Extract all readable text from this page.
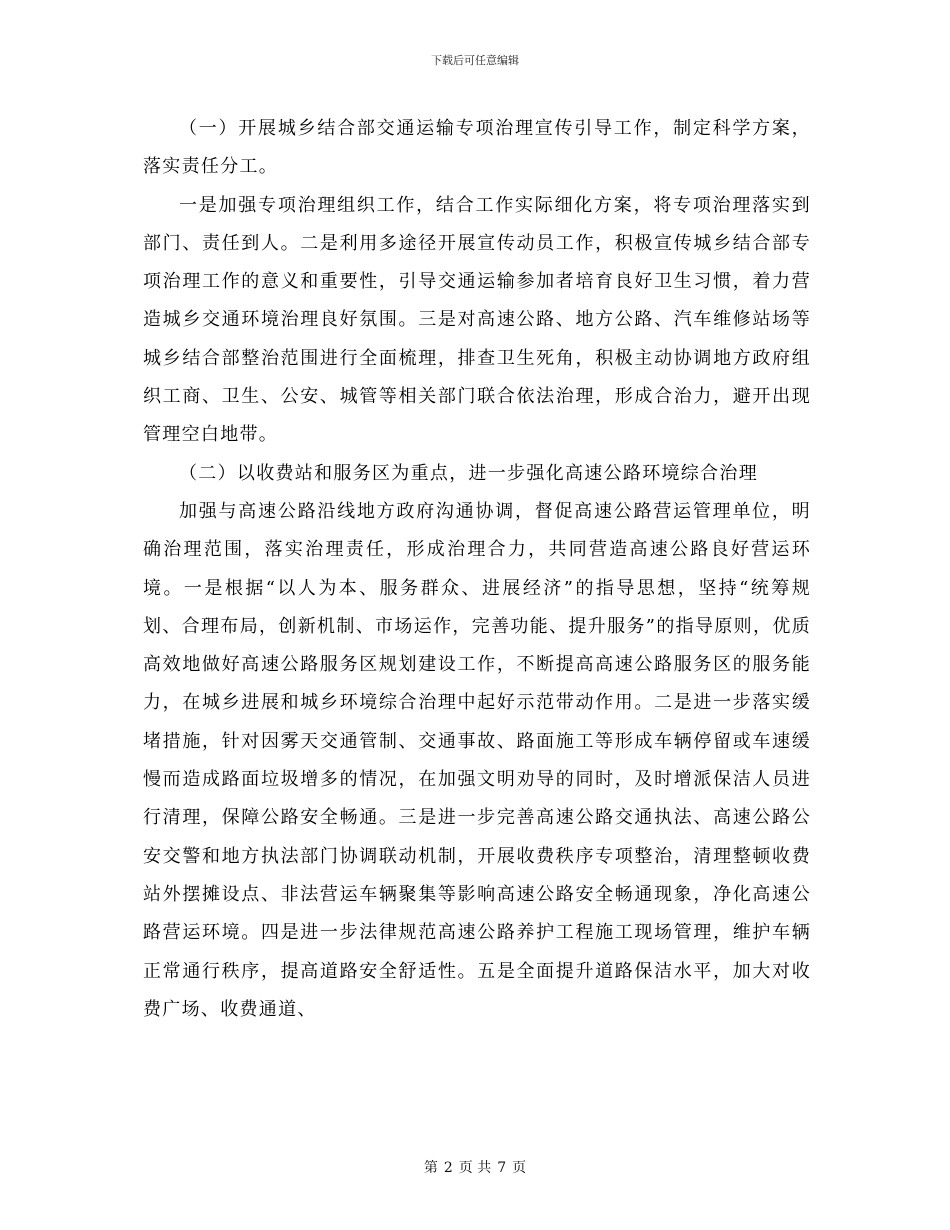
下载后可任意编辑

（一）开展城乡结合部交通运输专项治理宣传引导工作，制定科学方案，落实责任分工。

一是加强专项治理组织工作，结合工作实际细化方案，将专项治理落实到部门、责任到人。二是利用多途径开展宣传动员工作，积极宣传城乡结合部专项治理工作的意义和重要性，引导交通运输参加者培育良好卫生习惯，着力营造城乡交通环境治理良好氛围。三是对高速公路、地方公路、汽车维修站场等城乡结合部整治范围进行全面梳理，排查卫生死角，积极主动协调地方政府组织工商、卫生、公安、城管等相关部门联合依法治理，形成合治力，避开出现管理空白地带。

（二）以收费站和服务区为重点，进一步强化高速公路环境综合治理

加强与高速公路沿线地方政府沟通协调，督促高速公路营运管理单位，明确治理范围，落实治理责任，形成治理合力，共同营造高速公路良好营运环境。一是根据“以人为本、服务群众、进展经济”的指导思想，坚持“统筹规划、合理布局，创新机制、市场运作，完善功能、提升服务”的指导原则，优质高效地做好高速公路服务区规划建设工作，不断提高高速公路服务区的服务能力，在城乡进展和城乡环境综合治理中起好示范带动作用。二是进一步落实缓堵措施，针对因雾天交通管制、交通事故、路面施工等形成车辆停留或车速缓慢而造成路面垃圾增多的情况，在加强文明劝导的同时，及时增派保洁人员进行清理，保障公路安全畅通。三是进一步完善高速公路交通执法、高速公路公安交警和地方执法部门协调联动机制，开展收费秩序专项整治，清理整顿收费站外摆摊设点、非法营运车辆聚集等影响高速公路安全畅通现象，净化高速公路营运环境。四是进一步法律规范高速公路养护工程施工现场管理，维护车辆正常通行秩序，提高道路安全舒适性。五是全面提升道路保洁水平，加大对收费广场、收费通道、

第 2 页 共 7 页
